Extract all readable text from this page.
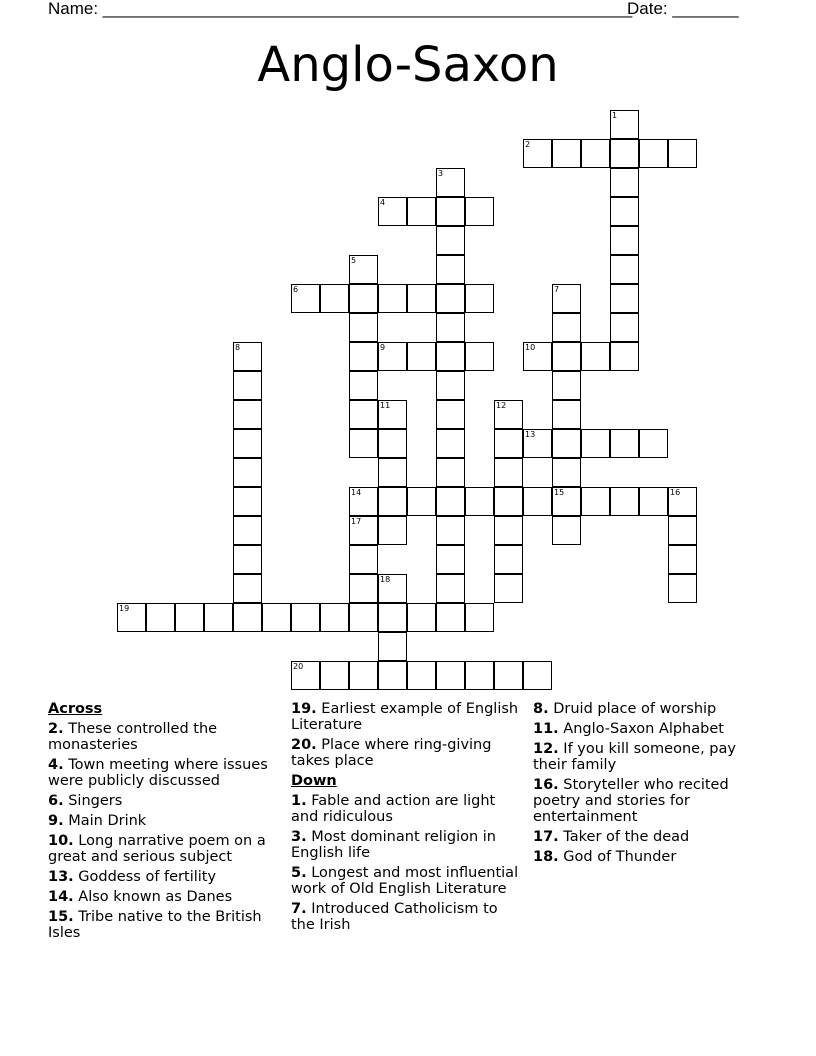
Name: ________________________________________________________
Date: _______
Anglo-Saxon
1
2
3
4
5
6	7
15
8	9	10
11	12
13
14	16
17
18
19
20
Across
2. These controlled the monasteries
4. Town meeting where issues were publicly discussed
6. Singers
9. Main Drink
10. Long narrative poem on a great and serious subject
13. Goddess of fertility
14. Also known as Danes
15. Tribe native to the British Isles
19. Earliest example of English Literature
20. Place where ring-giving takes place
Down
1. Fable and action are light and ridiculous
3. Most dominant religion in English life
5. Longest and most influential work of Old English Literature
7. Introduced Catholicism to the Irish
8. Druid place of worship
11. Anglo-Saxon Alphabet
12. If you kill someone, pay their family
16. Storyteller who recited poetry and stories for entertainment
17. Taker of the dead
18. God of Thunder
